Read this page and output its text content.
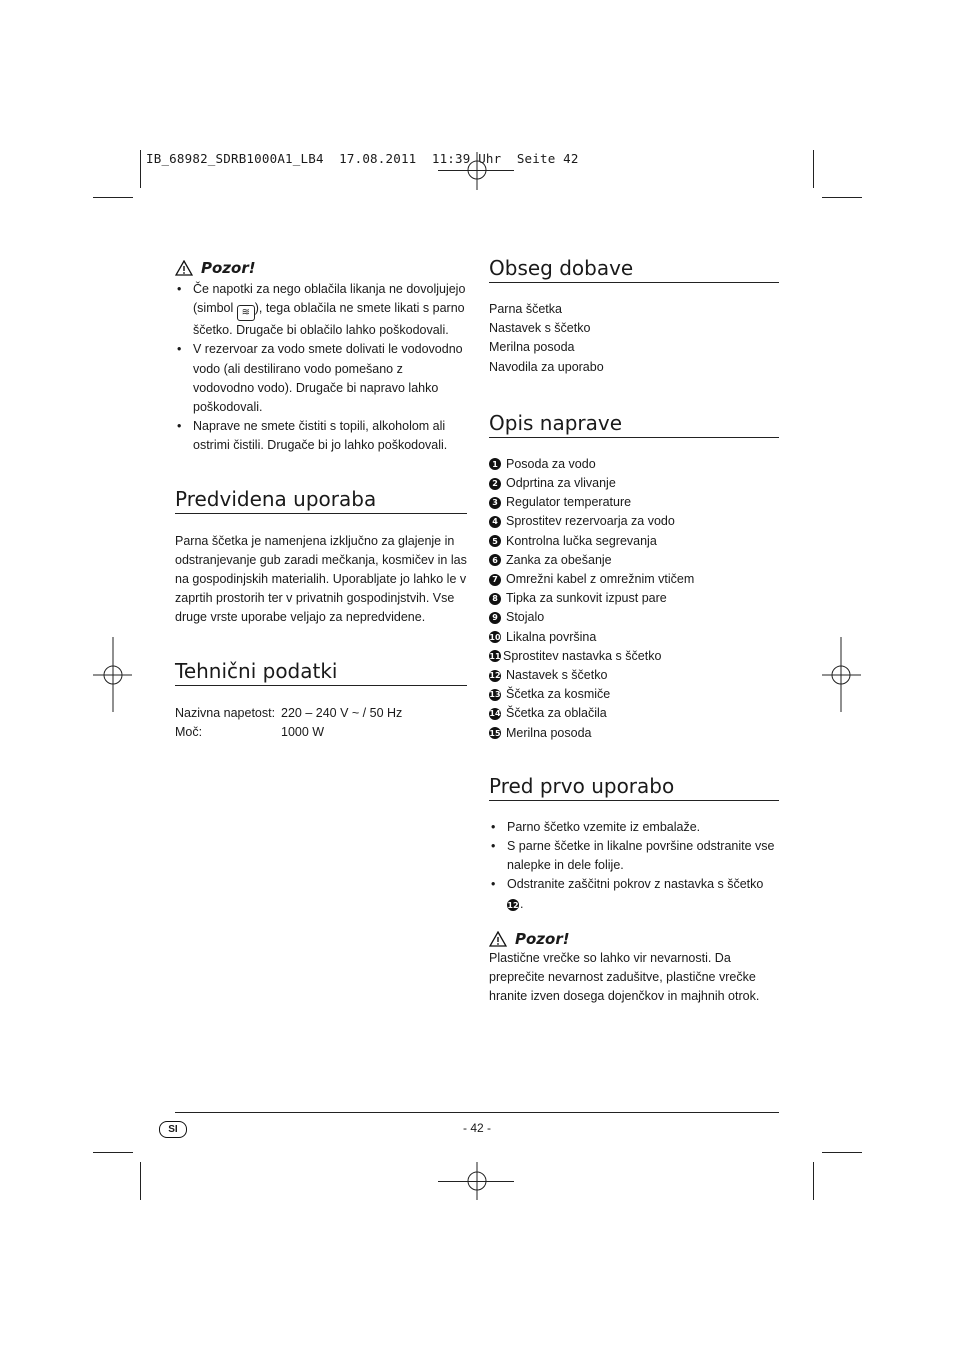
IB_68982_SDRB1000A1_LB4  17.08.2011  11:39 Uhr  Seite 42
Pozor!
• Če napotki za nego oblačila likanja ne dovoljujejo (simbol ≋ ), tega oblačila ne smete likati s parno ščetko. Drugače bi oblačilo lahko poškodovali.
• V rezervoar za vodo smete dolivati le vodovodno vodo (ali destilirano vodo pomešano z vodovodno vodo). Drugače bi napravo lahko poškodovali.
• Naprave ne smete čistiti s topili, alkoholom ali ostrimi čistili. Drugače bi jo lahko poškodovali.
Predvidena uporaba
Parna ščetka je namenjena izključno za glajenje in odstranjevanje gub zaradi mečkanja, kosmičev in las na gospodinjskih materialih. Uporabljate jo lahko le v zaprtih prostorih ter v privatnih gospodinjstvih. Vse druge vrste uporabe veljajo za nepredvidene.
Tehnični podatki
Nazivna napetost: 220 – 240 V ~ / 50 Hz
Moč:	1000 W
Obseg dobave
Parna ščetka
Nastavek s ščetko
Merilna posoda
Navodila za uporabo
Opis naprave
1 Posoda za vodo
2 Odprtina za vlivanje
3 Regulator temperature
4 Sprostitev rezervoarja za vodo
5 Kontrolna lučka segrevanja
6 Zanka za obešanje
7 Omrežni kabel z omrežnim vtičem
8 Tipka za sunkovit izpust pare
9 Stojalo
10 Likalna površina
11 Sprostitev nastavka s ščetko
12 Nastavek s ščetko
13 Ščetka za kosmiče
14 Ščetka za oblačila
15 Merilna posoda
Pred prvo uporabo
• Parno ščetko vzemite iz embalaže.
• S parne ščetke in likalne površine odstranite vse nalepke in dele folije.
• Odstranite zaščitni pokrov z nastavka s ščetko
12.
Pozor!
Plastične vrečke so lahko vir nevarnosti. Da preprečite nevarnost zadušitve, plastične vrečke hranite izven dosega dojenčkov in majhnih otrok.
SI	- 42 -
